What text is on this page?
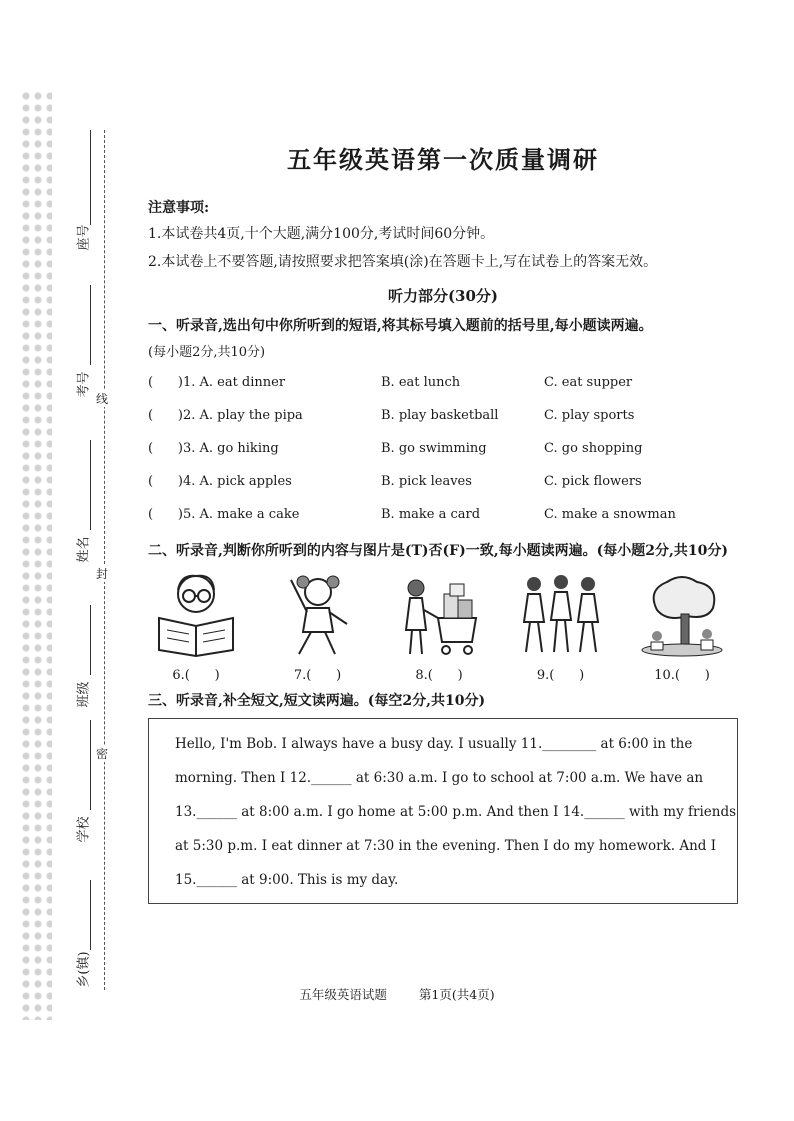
座号
考号
姓名
班级
学校
乡(镇)
线
封
密
五年级英语第一次质量调研
注意事项:
1.本试卷共4页,十个大题,满分100分,考试时间60分钟。
2.本试卷上不要答题,请按照要求把答案填(涂)在答题卡上,写在试卷上的答案无效。
听力部分(30分)
一、听录音,选出句中你所听到的短语,将其标号填入题前的括号里,每小题读两遍。
(每小题2分,共10分)
(      )1. A. eat dinner	B. eat lunch	C. eat supper
(      )2. A. play the pipa	B. play basketball	C. play sports
(      )3. A. go hiking	B. go swimming	C. go shopping
(      )4. A. pick apples	B. pick leaves	C. pick flowers
(      )5. A. make a cake	B. make a card	C. make a snowman
二、听录音,判断你所听到的内容与图片是(T)否(F)一致,每小题读两遍。(每小题2分,共10分)
6.(      )	7.(      )	8.(      )	9.(      )	10.(      )
三、听录音,补全短文,短文读两遍。(每空2分,共10分)
Hello, I'm Bob. I always have a busy day. I usually 11.________ at 6:00 in the morning. Then I 12.______ at 6:30 a.m. I go to school at 7:00 a.m. We have an 13.______ at 8:00 a.m. I go home at 5:00 p.m. And then I 14.______ with my friends at 5:30 p.m. I eat dinner at 7:30 in the evening. Then I do my homework. And I 15.______ at 9:00. This is my day.
五年级英语试题	第1页(共4页)
